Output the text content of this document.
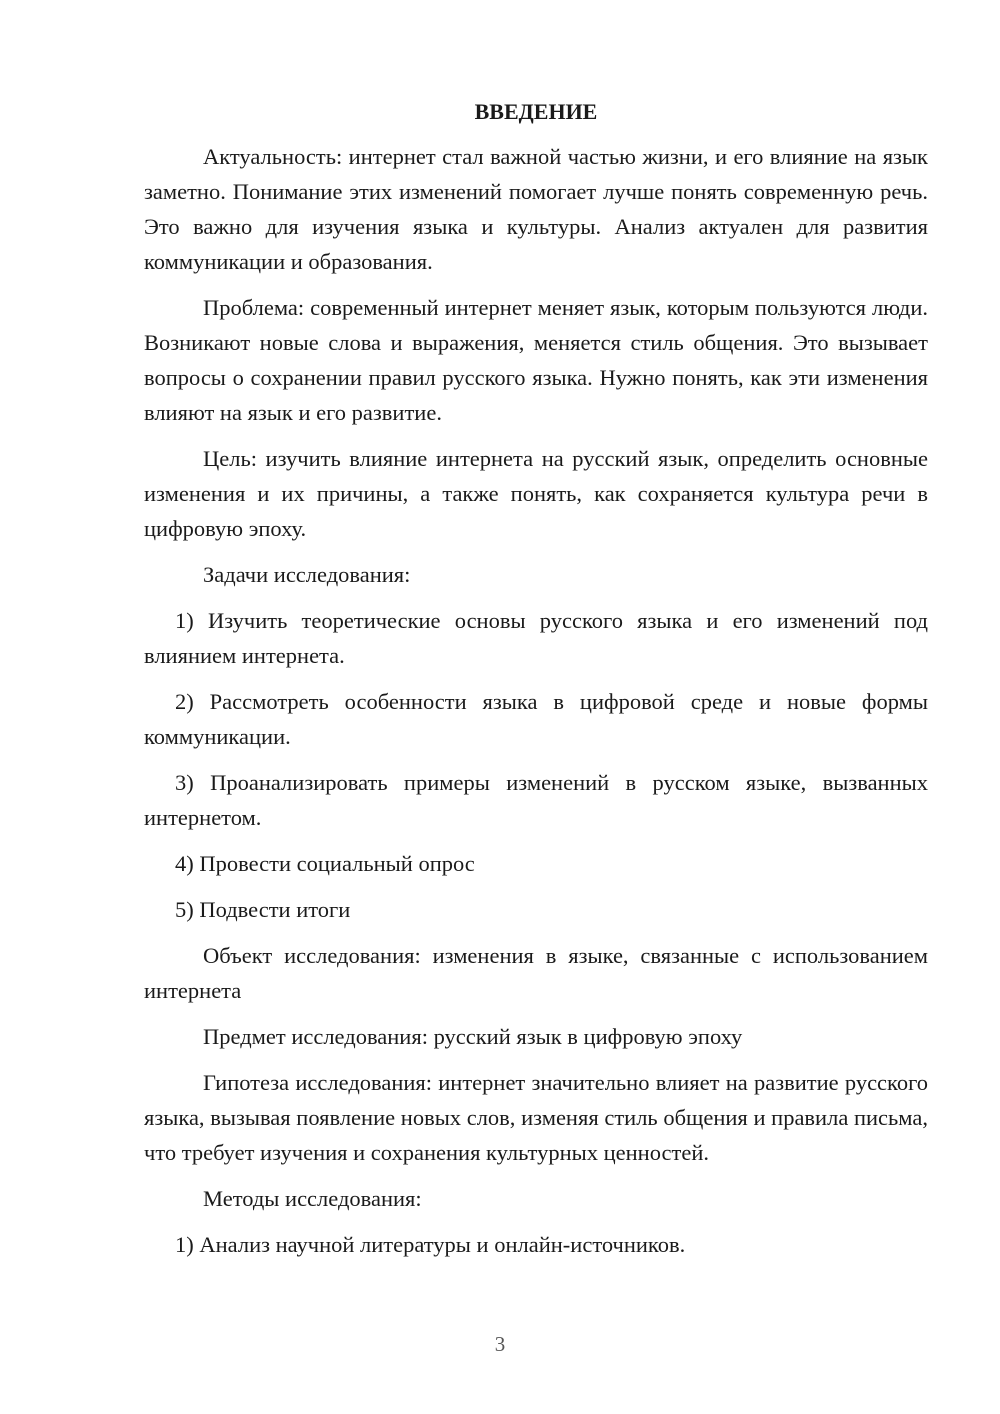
ВВЕДЕНИЕ

Актуальность: интернет стал важной частью жизни, и его влияние на язык заметно. Понимание этих изменений помогает лучше понять современную речь. Это важно для изучения языка и культуры. Анализ актуален для развития коммуникации и образования.

Проблема: современный интернет меняет язык, которым пользуются люди. Возникают новые слова и выражения, меняется стиль общения. Это вызывает вопросы о сохранении правил русского языка. Нужно понять, как эти изменения влияют на язык и его развитие.

Цель: изучить влияние интернета на русский язык, определить основные изменения и их причины, а также понять, как сохраняется культура речи в цифровую эпоху.

Задачи исследования:

1) Изучить теоретические основы русского языка и его изменений под влиянием интернета.

2) Рассмотреть особенности языка в цифровой среде и новые формы коммуникации.

3) Проанализировать примеры изменений в русском языке, вызванных интернетом.

4) Провести социальный опрос

5) Подвести итоги

Объект исследования: изменения в языке, связанные с использованием интернета

Предмет исследования: русский язык в цифровую эпоху

Гипотеза исследования: интернет значительно влияет на развитие русского языка, вызывая появление новых слов, изменяя стиль общения и правила письма, что требует изучения и сохранения культурных ценностей.

Методы исследования:

1) Анализ научной литературы и онлайн-источников.

3
